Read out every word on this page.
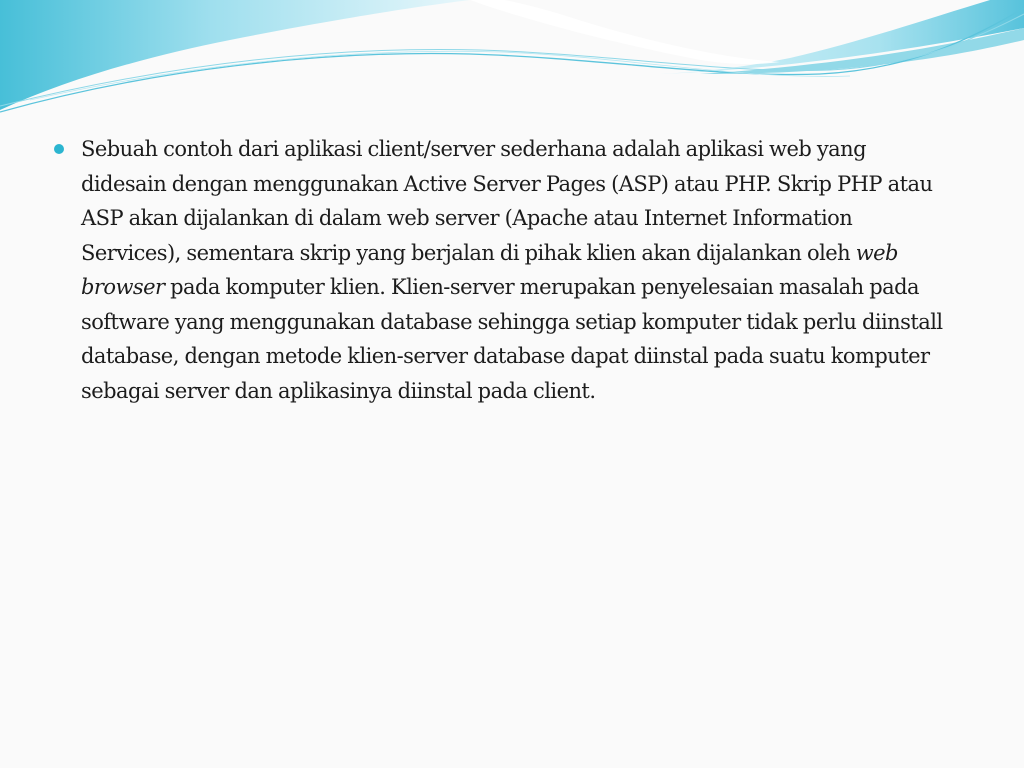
Sebuah contoh dari aplikasi client/server sederhana adalah aplikasi web yang didesain dengan menggunakan Active Server Pages (ASP) atau PHP. Skrip PHP atau ASP akan dijalankan di dalam web server (Apache atau Internet Information Services), sementara skrip yang berjalan di pihak klien akan dijalankan oleh web browser pada komputer klien. Klien-server merupakan penyelesaian masalah pada software yang menggunakan database sehingga setiap komputer tidak perlu diinstall database, dengan metode klien-server database dapat diinstal pada suatu komputer sebagai server dan aplikasinya diinstal pada client.
